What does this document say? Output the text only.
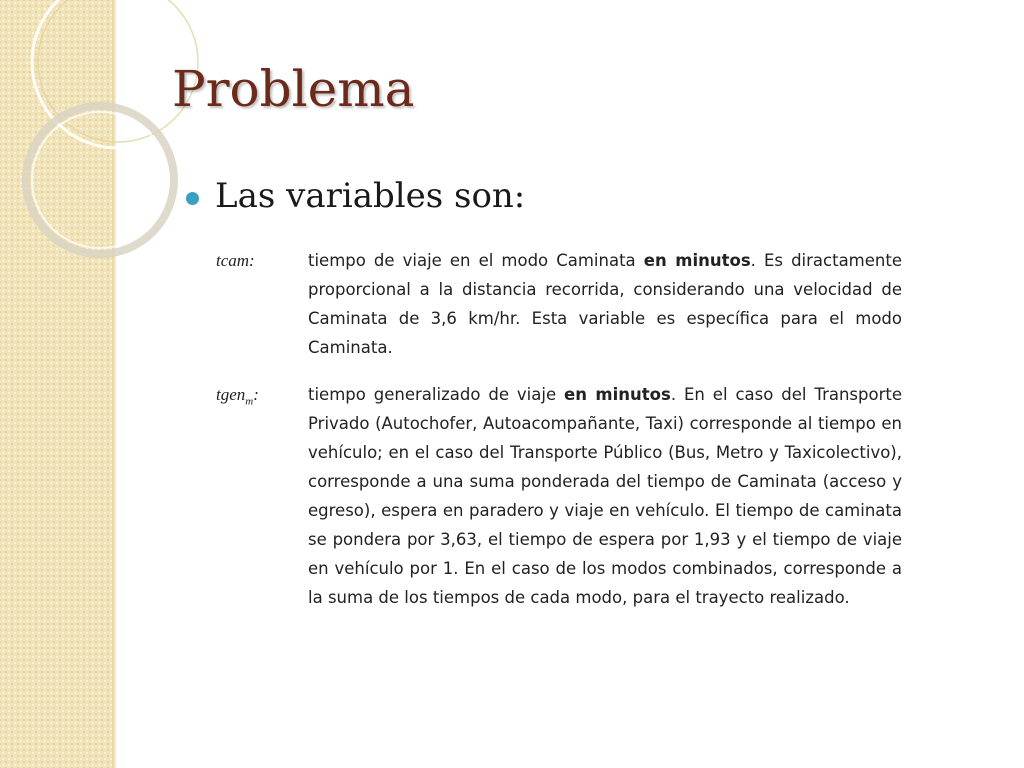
Problema
Las variables son:
tcam:	tiempo de viaje en el modo Caminata en minutos. Es diractamente proporcional a la distancia recorrida, considerando una velocidad de Caminata de 3,6 km/hr. Esta variable es específica para el modo Caminata.
tgen$_m$:	tiempo generalizado de viaje en minutos. En el caso del Transporte Privado (Autochofer, Autoacompañante, Taxi) corresponde al tiempo en vehículo; en el caso del Transporte Público (Bus, Metro y Taxicolectivo), corresponde a una suma ponderada del tiempo de Caminata (acceso y egreso), espera en paradero y viaje en vehículo. El tiempo de caminata se pondera por 3,63, el tiempo de espera por 1,93 y el tiempo de viaje en vehículo por 1. En el caso de los modos combinados, corresponde a la suma de los tiempos de cada modo, para el trayecto realizado.
